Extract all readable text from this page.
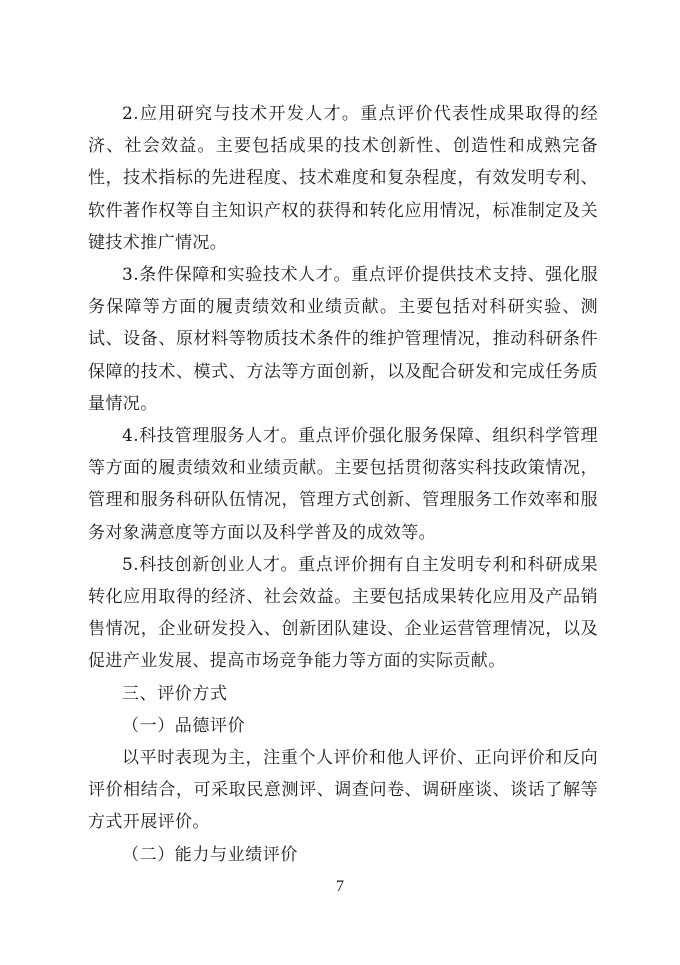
2.应用研究与技术开发人才。重点评价代表性成果取得的经济、社会效益。主要包括成果的技术创新性、创造性和成熟完备性，技术指标的先进程度、技术难度和复杂程度，有效发明专利、软件著作权等自主知识产权的获得和转化应用情况，标准制定及关键技术推广情况。

3.条件保障和实验技术人才。重点评价提供技术支持、强化服务保障等方面的履责绩效和业绩贡献。主要包括对科研实验、测试、设备、原材料等物质技术条件的维护管理情况，推动科研条件保障的技术、模式、方法等方面创新，以及配合研发和完成任务质量情况。

4.科技管理服务人才。重点评价强化服务保障、组织科学管理等方面的履责绩效和业绩贡献。主要包括贯彻落实科技政策情况，管理和服务科研队伍情况，管理方式创新、管理服务工作效率和服务对象满意度等方面以及科学普及的成效等。

5.科技创新创业人才。重点评价拥有自主发明专利和科研成果转化应用取得的经济、社会效益。主要包括成果转化应用及产品销售情况，企业研发投入、创新团队建设、企业运营管理情况，以及促进产业发展、提高市场竞争能力等方面的实际贡献。

三、评价方式

（一）品德评价

以平时表现为主，注重个人评价和他人评价、正向评价和反向评价相结合，可采取民意测评、调查问卷、调研座谈、谈话了解等方式开展评价。

（二）能力与业绩评价

7
